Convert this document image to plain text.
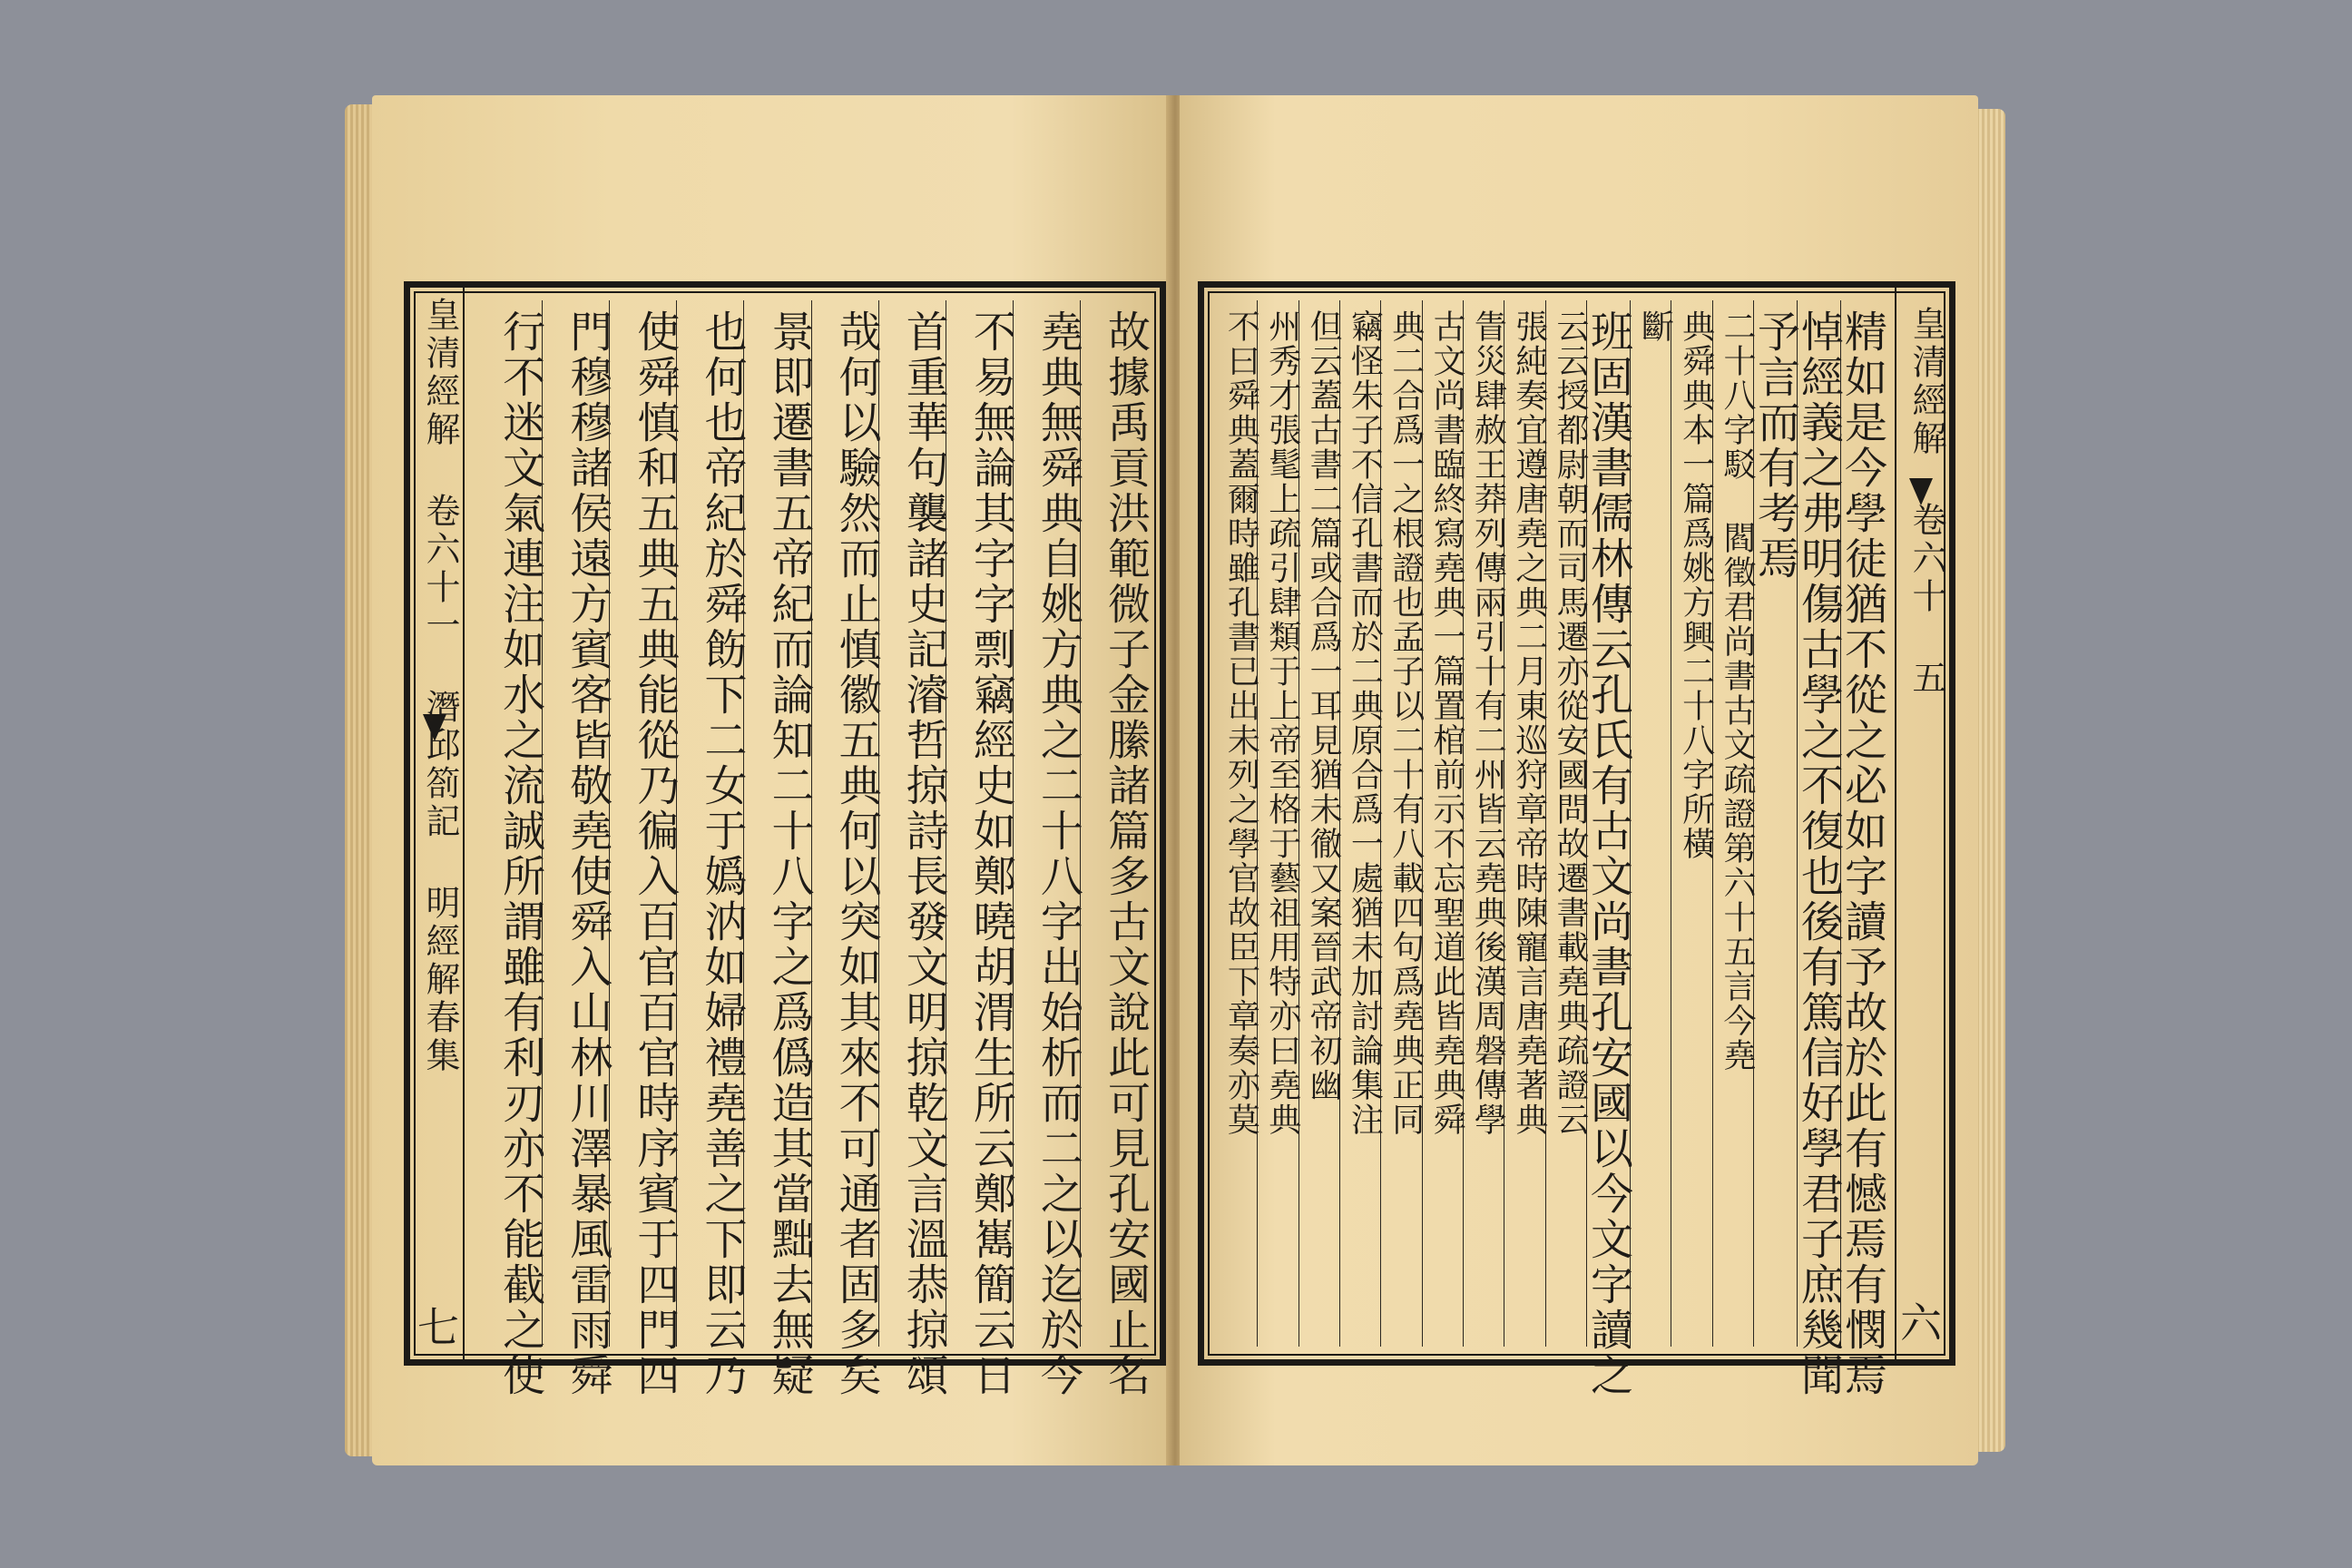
皇清經解 卷六十一 潛邱箚記 明經解春集
七	故據禹貢洪範微子金縢諸篇多古文說此可見孔安國止名
堯典無舜典自姚方典之二十八字出始析而二之以迄於今
不易無論其字字剽竊經史如鄭曉胡渭生所云鄭嶲簡云日
首重華句襲諸史記濬哲掠詩長發文明掠乾文言溫恭掠頌
哉何以驗然而止慎徽五典何以突如其來不可通者固多矣
景即遷書五帝紀而論知二十八字之爲僞造其當黜去無疑
也何也帝紀於舜飭下二女于嬀汭如婦禮堯善之下即云乃
使舜慎和五典五典能從乃徧入百官百官時序賓于四門四
門穆穆諸侯遠方賓客皆敬堯使舜入山林川澤暴風雷雨舜
行不迷文氣連注如水之流誠所謂雖有利刃亦不能截之使	皇清經解 卷六十 五
六
精如是今學徒猶不從之必如字讀予故於此有憾焉有憫焉
悼經義之弗明傷古學之不復也後有篤信好學君子庶幾聞
予言而有考焉
二十八字駁 閻徵君尚書古文疏證第六十五言今堯
典舜典本一篇爲姚方興二十八字所橫
斷
班固漢書儒林傳云孔氏有古文尚書孔安國以今文字讀之
云云授都尉朝而司馬遷亦從安國問故遷書載堯典疏證云
張純奏宜遵唐堯之典二月東巡狩章帝時陳寵言唐堯著典
眚災肆赦王莽列傳兩引十有二州皆云堯典後漢周磐傳學
古文尚書臨終寫堯典一篇置棺前示不忘聖道此皆堯典舜
典二合爲一之根證也孟子以二十有八載四句爲堯典正同
竊怪朱子不信孔書而於二典原合爲一處猶未加討論集注
但云蓋古書二篇或合爲一耳見猶未徹又案晉武帝初幽
州秀才張髦上疏引肆類于上帝至格于藝祖用特亦曰堯典
不曰舜典蓋爾時雖孔書已出未列之學官故臣下章奏亦莫
